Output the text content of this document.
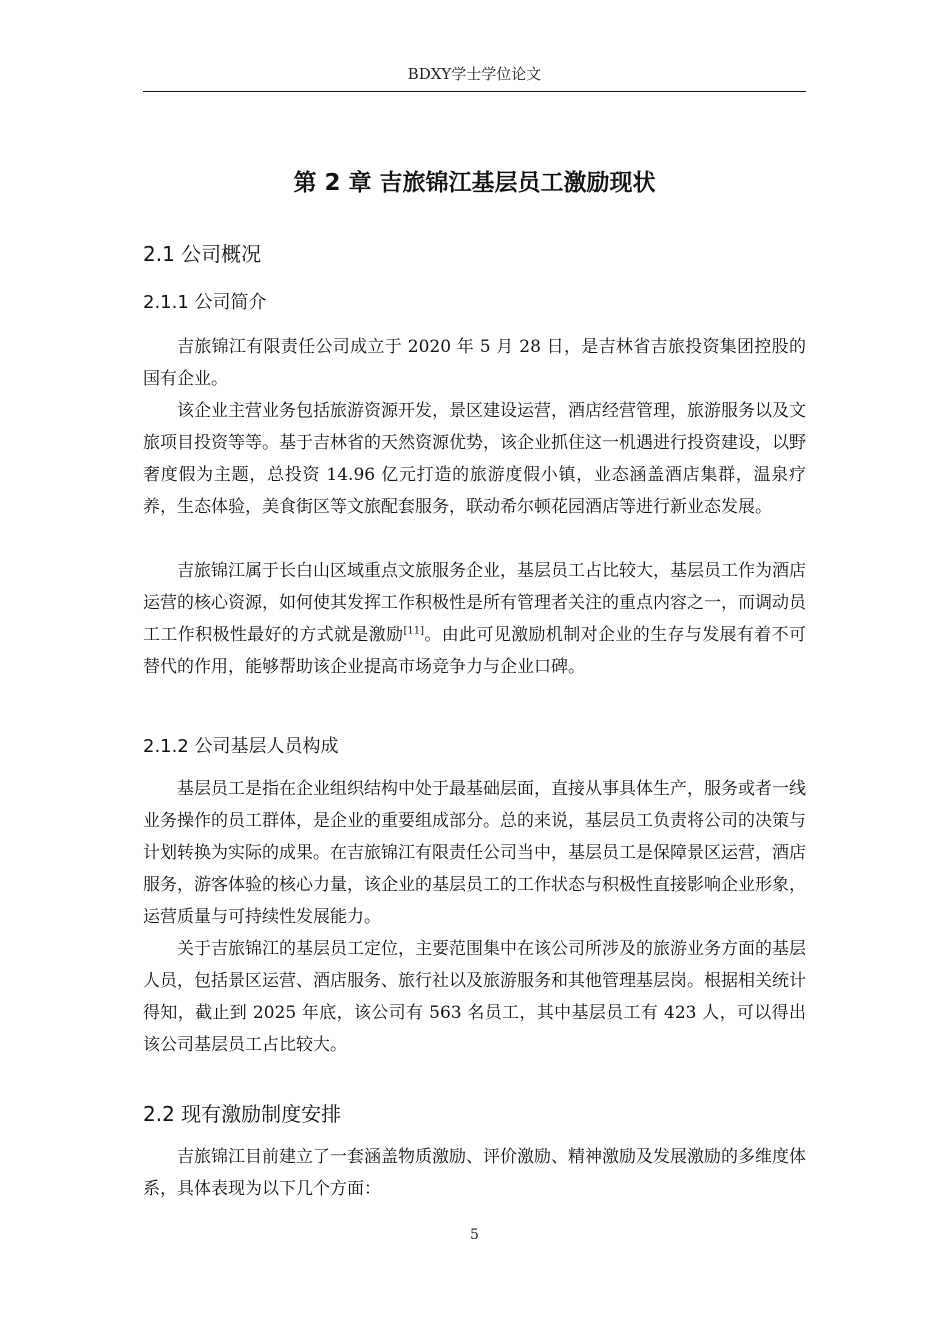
BDXY学士学位论文
第 2 章 吉旅锦江基层员工激励现状
2.1 公司概况
2.1.1 公司简介

吉旅锦江有限责任公司成立于 2020 年 5 月 28 日，是吉林省吉旅投资集团控股的国有企业。

该企业主营业务包括旅游资源开发，景区建设运营，酒店经营管理，旅游服务以及文旅项目投资等等。基于吉林省的天然资源优势，该企业抓住这一机遇进行投资建设，以野奢度假为主题，总投资 14.96 亿元打造的旅游度假小镇，业态涵盖酒店集群，温泉疗养，生态体验，美食街区等文旅配套服务，联动希尔顿花园酒店等进行新业态发展。

吉旅锦江属于长白山区域重点文旅服务企业，基层员工占比较大，基层员工作为酒店运营的核心资源，如何使其发挥工作积极性是所有管理者关注的重点内容之一，而调动员工工作积极性最好的方式就是激励[11]。由此可见激励机制对企业的生存与发展有着不可替代的作用，能够帮助该企业提高市场竞争力与企业口碑。

2.1.2 公司基层人员构成

基层员工是指在企业组织结构中处于最基础层面，直接从事具体生产，服务或者一线业务操作的员工群体，是企业的重要组成部分。总的来说，基层员工负责将公司的决策与计划转换为实际的成果。在吉旅锦江有限责任公司当中，基层员工是保障景区运营，酒店服务，游客体验的核心力量，该企业的基层员工的工作状态与积极性直接影响企业形象，运营质量与可持续性发展能力。

关于吉旅锦江的基层员工定位，主要范围集中在该公司所涉及的旅游业务方面的基层人员，包括景区运营、酒店服务、旅行社以及旅游服务和其他管理基层岗。根据相关统计得知，截止到 2025 年底，该公司有 563 名员工，其中基层员工有 423 人，可以得出该公司基层员工占比较大。

2.2 现有激励制度安排

吉旅锦江目前建立了一套涵盖物质激励、评价激励、精神激励及发展激励的多维度体系，具体表现为以下几个方面：

5
